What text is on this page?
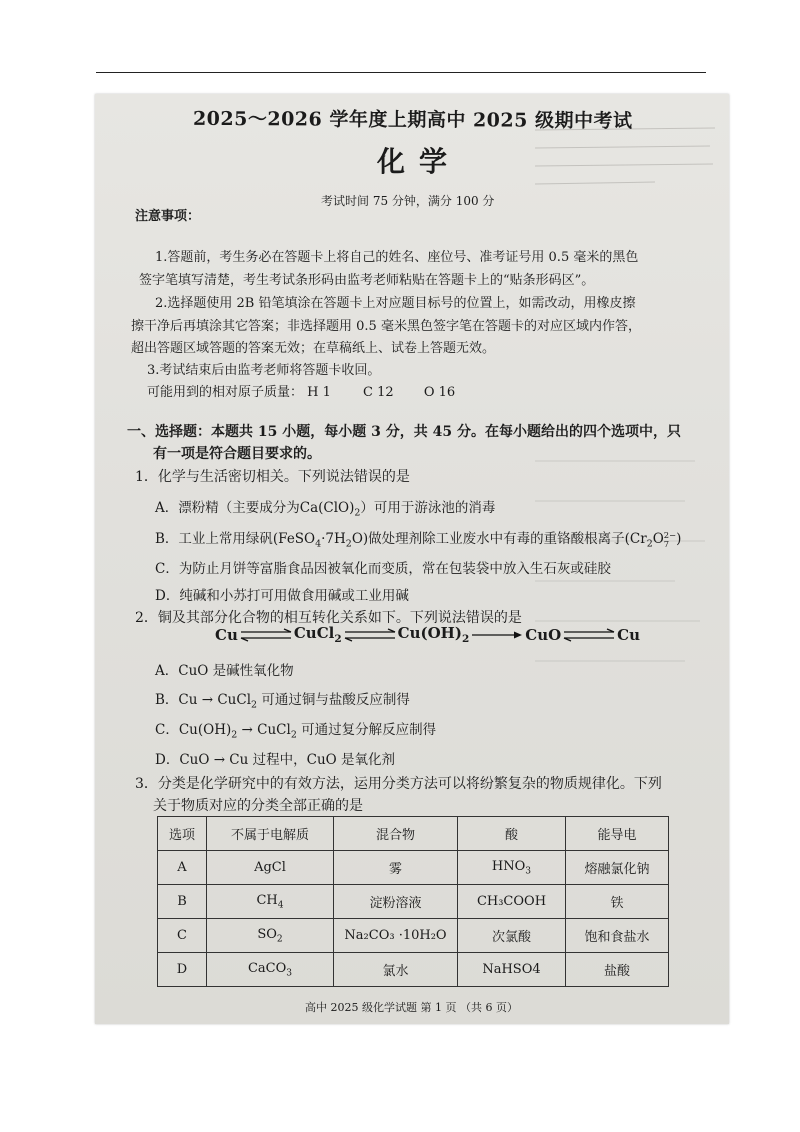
2025～2026 学年度上期高中 2025 级期中考试
化学
考试时间 75 分钟，满分 100 分
注意事项：
1.答题前，考生务必在答题卡上将自己的姓名、座位号、准考证号用 0.5 毫米的黑色
签字笔填写清楚，考生考试条形码由监考老师粘贴在答题卡上的“贴条形码区”。
2.选择题使用 2B 铅笔填涂在答题卡上对应题目标号的位置上，如需改动，用橡皮擦
擦干净后再填涂其它答案；非选择题用 0.5 毫米黑色签字笔在答题卡的对应区域内作答，
超出答题区域答题的答案无效；在草稿纸上、试卷上答题无效。
3.考试结束后由监考老师将答题卡收回。
可能用到的相对原子质量： H 1 C 12 O 16
一、选择题：本题共 15 小题，每小题 3 分，共 45 分。在每小题给出的四个选项中，只
有一项是符合题目要求的。
1．化学与生活密切相关。下列说法错误的是
A．漂粉精（主要成分为$Ca(ClO)_2$）可用于游泳池的消毒
B．工业上常用绿矾$(FeSO_4\cdot 7H_2O)$做处理剂除工业废水中有毒的重铬酸根离子($Cr_2O$ 2−
7 )
C．为防止月饼等富脂食品因被氧化而变质，常在包装袋中放入生石灰或硅胶
D．纯碱和小苏打可用做食用碱或工业用碱
2．铜及其部分化合物的相互转化关系如下。下列说法错误的是
Cu ⇌ CuCl$_2$ ⇌ $Cu(OH)_2$	CuO ⇌ Cu
A．CuO 是碱性氧化物
B．Cu → CuCl$_2$ 可通过铜与盐酸反应制得
C．$Cu(OH)_2$ → CuCl$_2$ 可通过复分解反应制得
D．CuO → Cu 过程中，CuO 是氧化剂
3．分类是化学研究中的有效方法，运用分类方法可以将纷繁复杂的物质规律化。下列
关于物质对应的分类全部正确的是
选项	不属于电解质	混合物	酸	能导电
A	AgCl	雾	$HNO_3$	熔融氯化钠
B	$CH_4$	淀粉溶液	CH₃COOH	铁
C	$SO_2$	Na₂CO₃ ·10H₂O	次氯酸	饱和食盐水
D	CaCO$_3$	氯水	NaHSO4	盐酸
高中 2025 级化学试题 第 1 页 （共 6 页）
